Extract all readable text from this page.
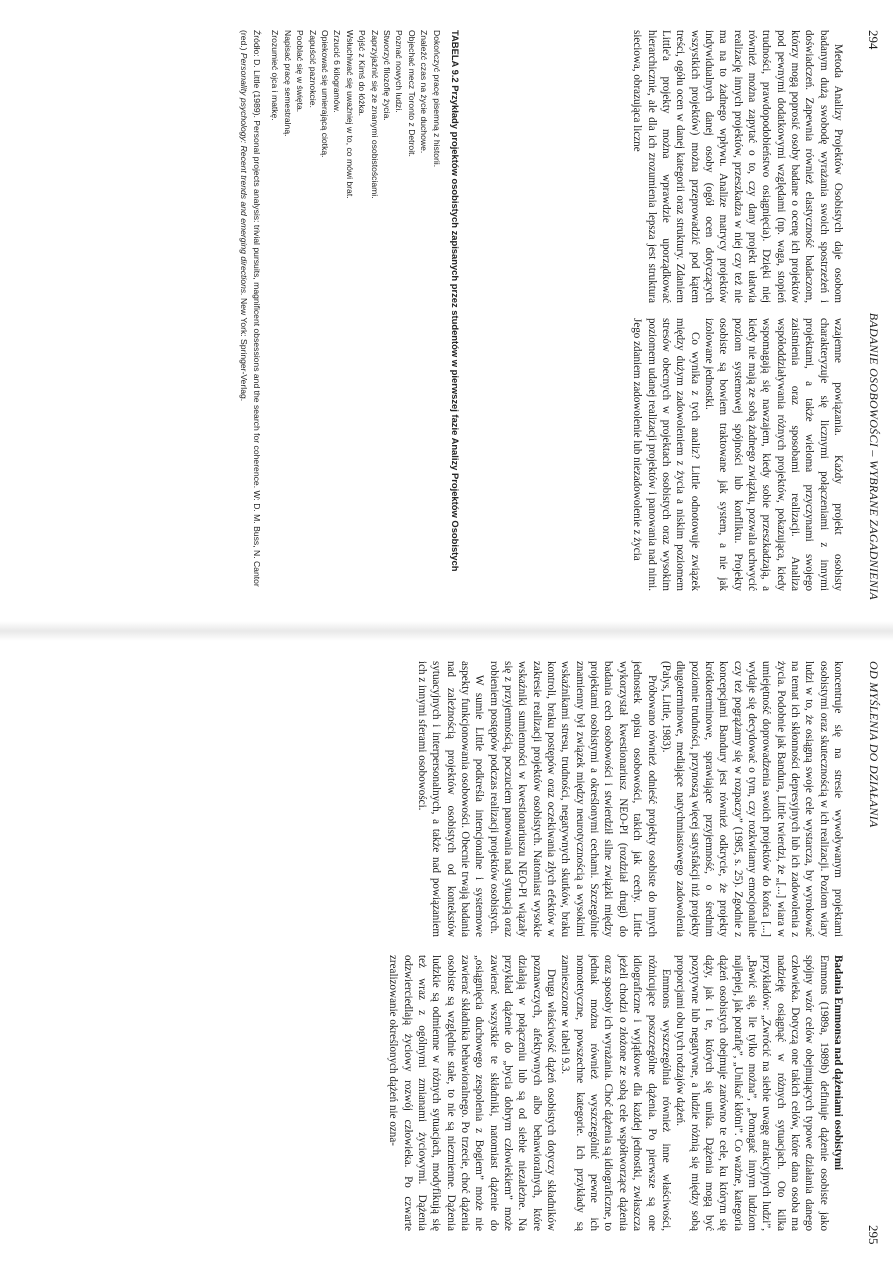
294
BADANIE OSOBOWOŚCI – WYBRANE ZAGADNIENIA

Metoda Analizy Projektów Osobistych daje osobom badanym dużą swobodę wyrażania swoich spostrzeżeń i doświadczeń. Zapewnia również elastyczność badaczom, którzy mogą poprosić osoby badane o ocenę ich projektów pod pewnymi dodatkowymi względami (np. waga, stopień trudności, prawdopodobieństwo osiągnięcia). Dzięki niej również można zapytać o to, czy dany projekt ułatwia realizację innych projektów, przeszkadza w niej czy też nie ma na to żadnego wpływu. Analize matrycy projektów indywidualnych danej osoby (ogół ocen dotyczących wszystkich projektów) można przeprowadzić pod kątem treści, ogółu ocen w danej kategorii oraz struktury. Zdaniem Little'a projekty można wprawdzie uporządkować hierarchicznie, ale dla ich zrozumienia lepsza jest struktura sieciowa, obrazująca liczne

wzajemne powiązania. Każdy projekt osobisty charakteryzuje się licznymi połączeniami z innymi projektami, a także wieloma przyczynami swojego zaistnienia oraz sposobami realizacji. Analiza współoddziaływania różnych projektów, pokazująca, kiedy wspomagają się nawzajem, kiedy sobie przeszkadzają, a kiedy nie mają ze sobą żadnego związku, pozwala uchwycić poziom systemowej spójności lub konfliktu. Projekty osobiste są bowiem traktowane jak system, a nie jak izolowane jednostki.

Co wynika z tych analiz? Little odnotowuje związek między dużym zadowoleniem z życia a niskim poziomem stresów obecnych w projektach osobistych oraz wysokim poziomem udanej realizacji projektów i panowania nad nimi. Jego zdaniem zadowolenie lub niezadowolenie z życia

TABELA 9.2 Przykłady projektów osobistych zapisanych przez studentów w pierwszej fazie Analizy Projektów Osobistych
Dokończyć pracę pisemną z historii.
Znaleźć czas na życie duchowe.
Objechać mecz Toronto z Detroit.
Poznać nowych ludzi.
Stworzyć filozofię życia.
Zaprzyjaźnić się ze znanymi osobistościami.
Pójść z Kimś do łóżka.
Wsłuchiwać się uważniej w to, co mówi brat.
Zrzucić 6 kilogramów.
Opiekować się umierającą ciotką.
Zapuścić paznokcie.
Pooblać się w święta.
Napisać pracę semestralną.
Zrozumieć ojca i matkę.
Źródło: D. Little (1989). Personal projects analysis: trivial pursuits, magnificent obsessions and the search for coherence. W: D. M. Buss, N. Cantor (red.) Personality psychology: Recent trends and emerging directions. New York: Springer-Verlag.
OD MYŚLENIA DO DZIAŁANIA
295

koncentruje się na stresie wywoływanym projektami osobistymi oraz skutecznością w ich realizacji. Poziom wiary ludzi w to, że osiągną swoje cele wystarcza, by wyrokować na temat ich skłonności depresyjnych lub ich zadowolenia z życia. Podobnie jak Bandura, Little twierdzi, że „[...] wiara w umiejętność doprowadzenia swoich projektów do końca [...] wydaje się decydować o tym, czy rozkwitamy emocjonalnie czy też pogrążamy się w rozpaczy” (1985, s. 25). Zgodnie z koncepcjami Bandury jest również odkrycie, że projekty krótkoterminowe, sprawiające przyjemność, o średnim poziomie trudności, przynoszą więcej satysfakcji niż projekty długoterminowe, mediające natychmiastowego zadowolenia (Palys, Little, 1983).

Próbowano również odnieść projekty osobiste do innych jednostek opisu osobowości, takich jak cechy. Little wykorzystał kwestionariusz NEO-PI (rozdział drugi) do badania cech osobowości i stwierdził silne związki między projektami osobistymi a określonymi cechami. Szczególnie znamienny był związek między neurotycznością a wysokimi wskaźnikami stresu, trudności, negatywnych skutków, braku kontroli, braku postępów oraz oczekiwania złych efektów w zakresie realizacji projektów osobistych. Natomiast wysokie wskaźniki sumienności w kwestionariuszu NEO-PI wiązały się z przyjemnością, poczuciem panowania nad sytuacją oraz robieniem postępów podczas realizacji projektów osobistych.

W sumie Little podkreśla intencjonalne i systemowe aspekty funkcjonowania osobowości. Obecnie trwają badania nad zależnością projektów osobistych od kontekstów sytuacyjnych i interpersonalnych, a także nad powiązaniem ich z innymi sferami osobowości.

Badania Emmonsa nad dążeniami osobistymi

Emmons (1989a, 1989b) definiuje dążenie osobiste jako spójny wzór celów obejmujących typowe działania danego człowieka. Dotyczą one takich celów, które dana osoba ma nadzieję osiągnąć w różnych sytuacjach. Oto kilka przykładów: „Zwrócić na siebie uwagę atrakcyjnych ludzi”, „Bawić się, lie tylko można”, „Pomagać innym ludziom najlepiej, jak potrafię”, „Unikać kłótni”. Co ważne, kategoria dążeń osobistych obejmuje zarówno te cele, ku którym się dąży, jak i te, których się unika. Dążenia mogą być pozytywne lub negatywne, a ludzie różnią się między sobą proporcjami obu tych rodzajów dążeń.

Emmons wyszczególnia również inne właściwości, różnicujące poszczególne dążenia. Po pierwsze są one idiograficzne i wyjątkowe dla każdej jednostki, zwłaszcza jeżeli chodzi o złożone ze sobą cele współtworzące dążenia oraz sposoby ich wyrażania. Choć dążenia są idiograficzne, to jednak można również wyszczególnić pewne ich nomotetyczne, powszechne kategorie. Ich przykłady są zamieszczone w tabeli 9.3.

Druga właściwość dążeń osobistych dotyczy składników poznawczych, afektywnych albo behawioralnych, które działają w połączeniu lub są od siebie niezależne. Na przykład dążenie do „bycia dobrym człowiekiem” może zawierać wszystkie te składniki, natomiast dążenie do „osiągnięcia duchowego zespolenia z Bogiem” może nie zawierać składnika behawioralnego. Po trzecie, choć dążenia osobiste są względnie stałe, to nie są niezmienne. Dążenia ludzkie są odmienne w różnych sytuacjach, modyfikują się też wraz z ogólnymi zmianami życiowymi. Dążenia odzwierciedlają życiowy rozwój człowieka. Po czwarte zrealizowanie określonych dążeń nie ozna-
